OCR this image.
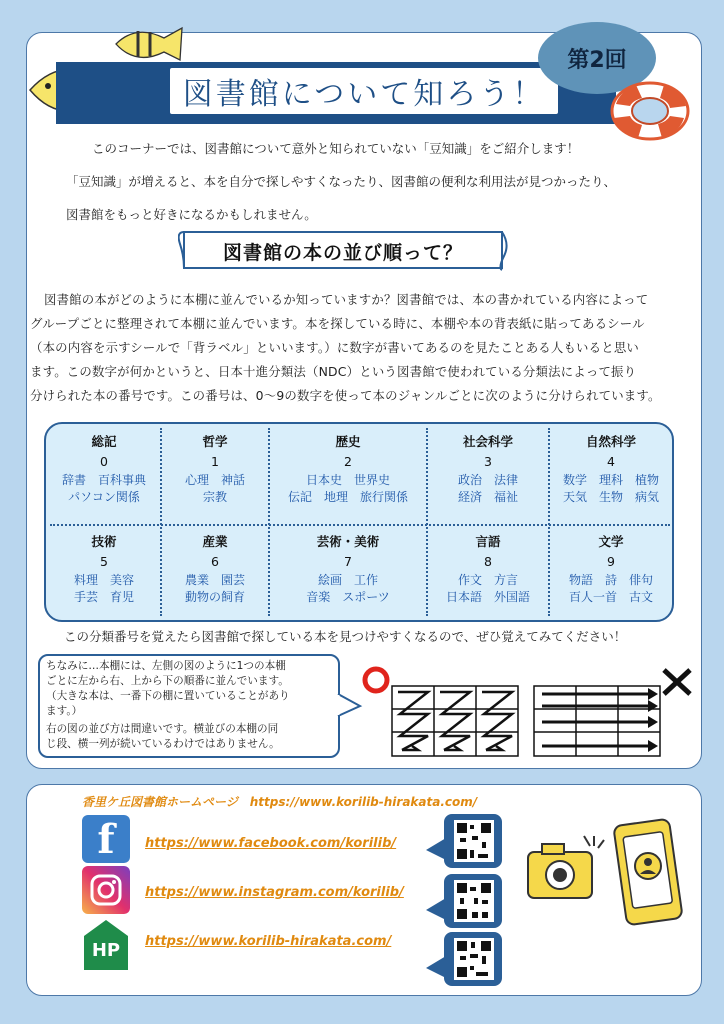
図書館について知ろう！
第2回
このコーナーでは、図書館について意外と知られていない「豆知識」をご紹介します！
「豆知識」が増えると、本を自分で探しやすくなったり、図書館の便利な利用法が見つかったり、
図書館をもっと好きになるかもしれません。
図書館の本の並び順って？
図書館の本がどのように本棚に並んでいるか知っていますか？図書館では、本の書かれている内容によって
グループごとに整理されて本棚に並んでいます。本を探している時に、本棚や本の背表紙に貼ってあるシール
（本の内容を示すシールで「背ラベル」といいます。）に数字が書いてあるのを見たことある人もいると思い
ます。この数字が何かというと、日本十進分類法（NDC）という図書館で使われている分類法によって振り
分けられた本の番号です。この番号は、0～9の数字を使って本のジャンルごとに次のように分けられています。
総記
0
辞書　百科事典
パソコン関係
哲学
1
心理　神話
宗教
歴史
2
日本史　世界史
伝記　地理　旅行関係
社会科学
3
政治　法律
経済　福祉
自然科学
4
数学　理科　植物
天気　生物　病気
技術
5
料理　美容
手芸　育児
産業
6
農業　園芸
動物の飼育
芸術・美術
7
絵画　工作
音楽　スポーツ
言語
8
作文　方言
日本語　外国語
文学
9
物語　詩　俳句
百人一首　古文
この分類番号を覚えたら図書館で探している本を見つけやすくなるので、ぜひ覚えてみてください！
ちなみに…本棚には、左側の図のように1つの本棚
ごとに左から右、上から下の順番に並んでいます。
（大きな本は、一番下の棚に置いていることがあり
ます。）
右の図の並び方は間違いです。横並びの本棚の同
じ段、横一列が続いているわけではありません。
香里ケ丘図書館ホームページ　https://www.korilib-hirakata.com/
f
HP
https://www.facebook.com/korilib/
https://www.instagram.com/korilib/
https://www.korilib-hirakata.com/
